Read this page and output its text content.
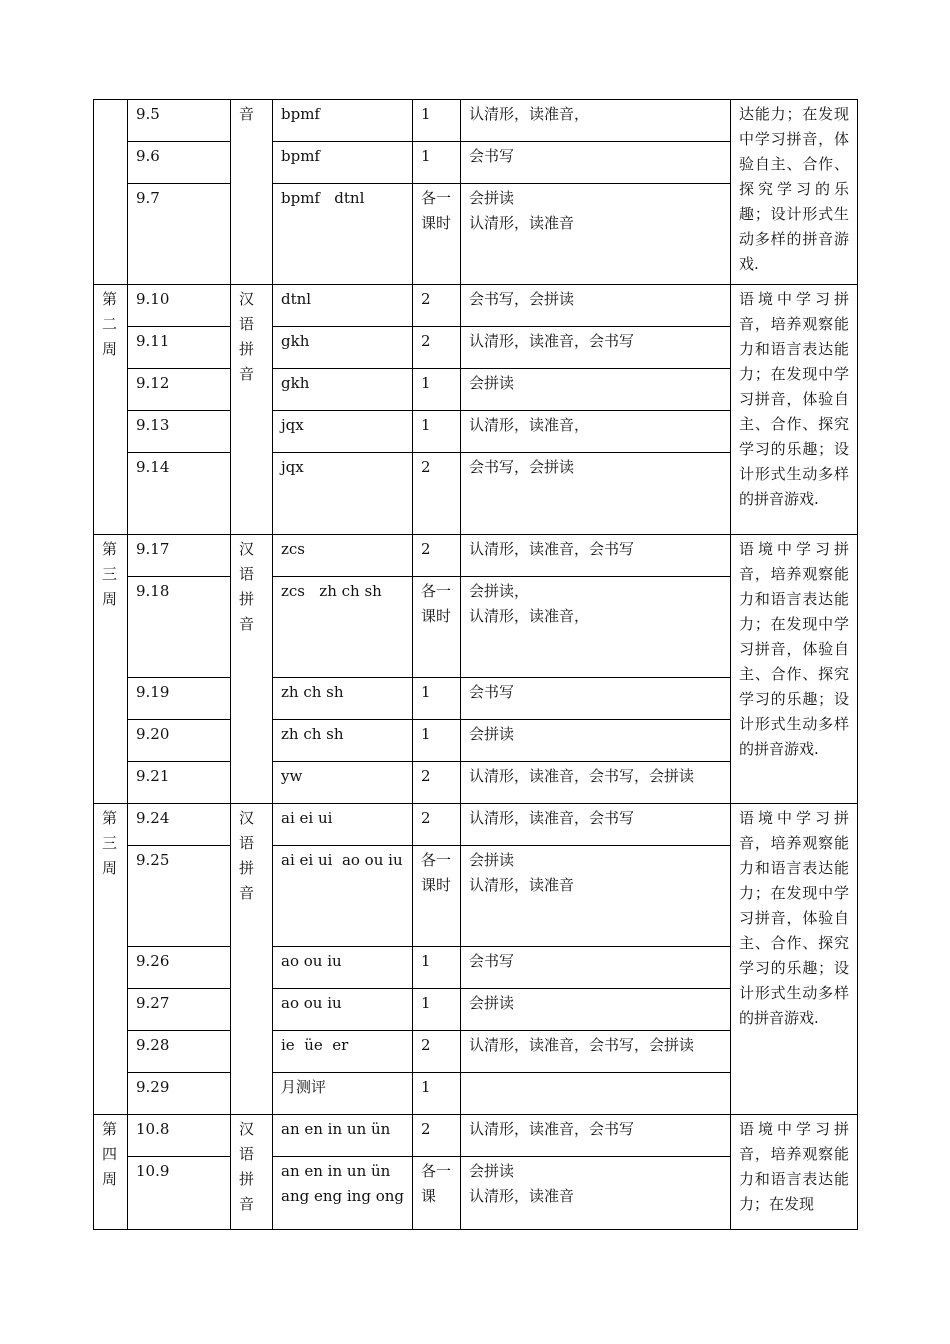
	9.5	音	bpmf	1	认清形，读准音，	达能力；在发现中学习拼音，体验自主、合作、探究学习的乐趣；设计形式生动多样的拼音游戏.

	9.6		bpmf	1	会书写	

	9.7		bpmf   dtnl	各一课时	会拼读
认清形，读准音	

第二周	9.10	汉语拼音	dtnl	2	会书写，会拼读	语境中学习拼音，培养观察能力和语言表达能力；在发现中学习拼音，体验自主、合作、探究学习的乐趣；设计形式生动多样的拼音游戏.

	9.11		gkh	2	认清形，读准音，会书写	

	9.12		gkh	1	会拼读	

	9.13		jqx	1	认清形，读准音，	

	9.14		jqx	2	会书写，会拼读	

第三周	9.17	汉语拼音	zcs	2	认清形，读准音，会书写	语境中学习拼音，培养观察能力和语言表达能力；在发现中学习拼音，体验自主、合作、探究学习的乐趣；设计形式生动多样的拼音游戏.

	9.18		zcs   zh ch sh	各一课时	会拼读，
认清形，读准音，	

	9.19		zh ch sh	1	会书写	

	9.20		zh ch sh	1	会拼读	

	9.21		yw	2	认清形，读准音，会书写，会拼读	

第三周	9.24	汉语拼音	ai ei ui	2	认清形，读准音，会书写	语境中学习拼音，培养观察能力和语言表达能力；在发现中学习拼音，体验自主、合作、探究学习的乐趣；设计形式生动多样的拼音游戏.

	9.25		ai ei ui  ao ou iu	各一课时	会拼读
认清形，读准音	

	9.26		ao ou iu	1	会书写	

	9.27		ao ou iu	1	会拼读	

	9.28		ie  üe  er	2	认清形，读准音，会书写，会拼读	

	9.29		月测评	1		

第四周	10.8	汉语拼音	an en in un ün	2	认清形，读准音，会书写	语境中学习拼音，培养观察能力和语言表达能力；在发现

	10.9		an en in un ün
ang eng ing ong	各一课	会拼读
认清形，读准音	
